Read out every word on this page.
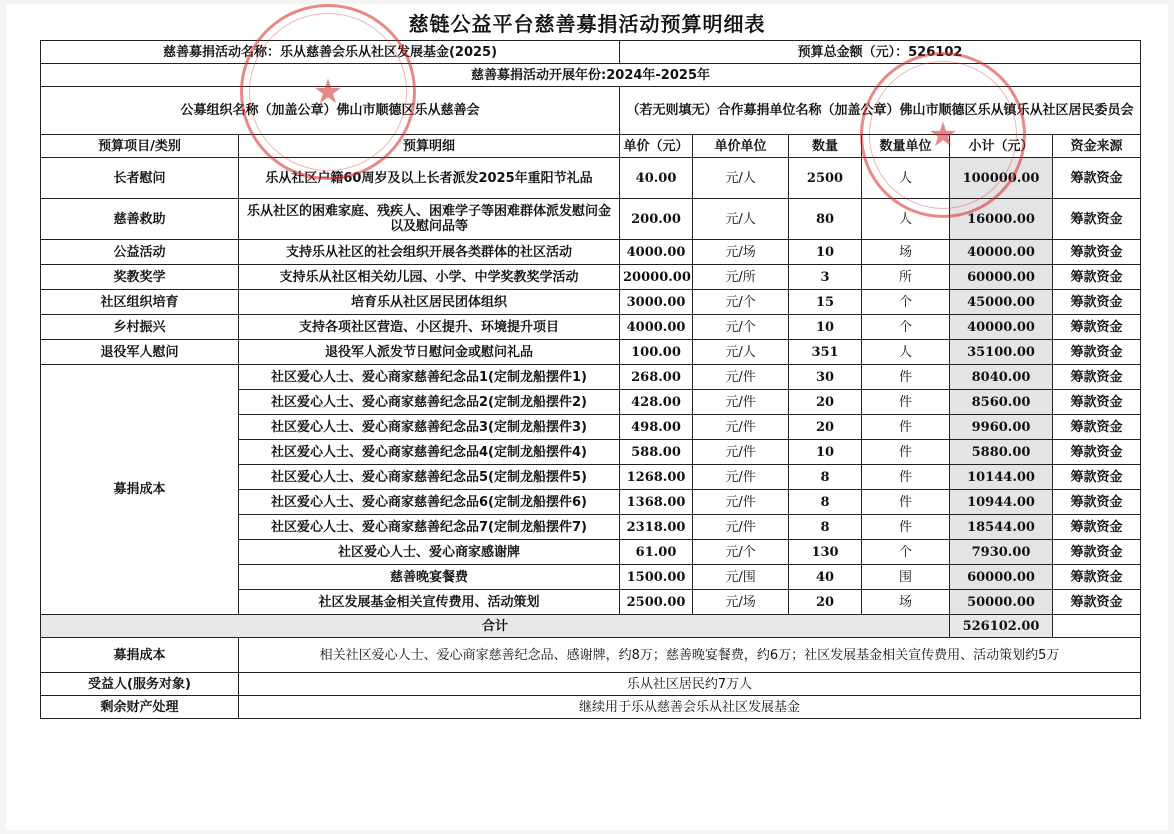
慈链公益平台慈善募捐活动预算明细表
慈善募捐活动名称：乐从慈善会乐从社区发展基金(2025)		预算总金额（元）：526102					
慈善募捐活动开展年份:2024年-2025年							
公募组织名称（加盖公章）佛山市顺德区乐从慈善会		（若无则填无）合作募捐单位名称（加盖公章）佛山市顺德区乐从镇乐从社区居民委员会					
预算项目/类别	预算明细	单价（元）	单价单位	数量	数量单位	小计（元）	资金来源
长者慰问	乐从社区户籍60周岁及以上长者派发2025年重阳节礼品	40.00	元/人	2500	人	100000.00	筹款资金
慈善救助	乐从社区的困难家庭、残疾人、困难学子等困难群体派发慰问金以及慰问品等	200.00	元/人	80	人	16000.00	筹款资金
公益活动	支持乐从社区的社会组织开展各类群体的社区活动	4000.00	元/场	10	场	40000.00	筹款资金
奖教奖学	支持乐从社区相关幼儿园、小学、中学奖教奖学活动	20000.00	元/所	3	所	60000.00	筹款资金
社区组织培育	培育乐从社区居民团体组织	3000.00	元/个	15	个	45000.00	筹款资金
乡村振兴	支持各项社区营造、小区提升、环境提升项目	4000.00	元/个	10	个	40000.00	筹款资金
退役军人慰问	退役军人派发节日慰问金或慰问礼品	100.00	元/人	351	人	35100.00	筹款资金
募捐成本	社区爱心人士、爱心商家慈善纪念品1(定制龙船摆件1)	268.00	元/件	30	件	8040.00	筹款资金
	社区爱心人士、爱心商家慈善纪念品2(定制龙船摆件2)	428.00	元/件	20	件	8560.00	筹款资金
	社区爱心人士、爱心商家慈善纪念品3(定制龙船摆件3)	498.00	元/件	20	件	9960.00	筹款资金
	社区爱心人士、爱心商家慈善纪念品4(定制龙船摆件4)	588.00	元/件	10	件	5880.00	筹款资金
	社区爱心人士、爱心商家慈善纪念品5(定制龙船摆件5)	1268.00	元/件	8	件	10144.00	筹款资金
	社区爱心人士、爱心商家慈善纪念品6(定制龙船摆件6)	1368.00	元/件	8	件	10944.00	筹款资金
	社区爱心人士、爱心商家慈善纪念品7(定制龙船摆件7)	2318.00	元/件	8	件	18544.00	筹款资金
	社区爱心人士、爱心商家感谢牌	61.00	元/个	130	个	7930.00	筹款资金
	慈善晚宴餐费	1500.00	元/围	40	围	60000.00	筹款资金
	社区发展基金相关宣传费用、活动策划	2500.00	元/场	20	场	50000.00	筹款资金
合计						526102.00	
募捐成本	相关社区爱心人士、爱心商家慈善纪念品、感谢牌，约8万；慈善晚宴餐费，约6万；社区发展基金相关宣传费用、活动策划约5万						
受益人(服务对象)	乐从社区居民约7万人						
剩余财产处理	继续用于乐从慈善会乐从社区发展基金						
★
★
